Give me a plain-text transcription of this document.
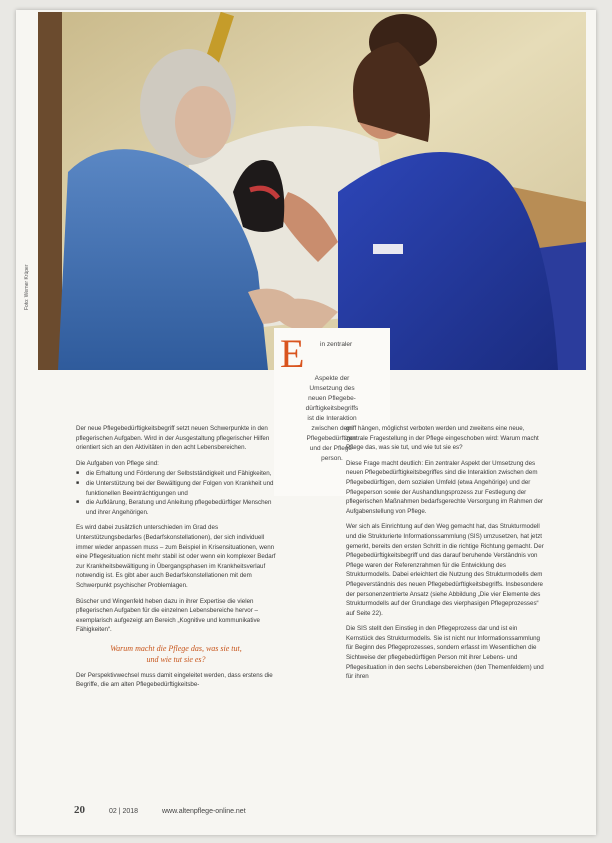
Foto: Werner Krüper
E in zentraler
Aspekte der
Umsetzung des
neuen Pflegebe-
dürftigkeitsbegriffs
ist die Interaktion
zwischen dem
Pflegebedürftigen
und der Pflege-
person.

Der neue Pflegebedürftigkeitsbegriff setzt neuen Schwerpunkte in den pflegerischen Aufgaben. Wird in der Ausgestaltung pflegerischer Hilfen orientiert sich an den Aktivitäten in den acht Lebensbereichen.

Die Aufgaben von Pflege sind:

■ die Erhaltung und Förderung der Selbstständigkeit und Fähigkeiten,
■ die Unterstützung bei der Bewältigung der Folgen von Krankheit und funktionellen Beeinträchtigungen und
■ die Aufklärung, Beratung und Anleitung pflegebedürftiger Menschen und ihrer Angehörigen.

Es wird dabei zusätzlich unterschieden im Grad des Unterstützungsbedarfes (Bedarfskonstellationen), der sich individuell immer wieder anpassen muss – zum Beispiel in Krisensituationen, wenn eine Pflegesituation nicht mehr stabil ist oder wenn ein komplexer Bedarf zur Krankheitsbewältigung in Übergangsphasen im Krankheitsverlauf notwendig ist. Es gibt aber auch Bedarfskonstellationen mit dem Schwerpunkt psychischer Problemlagen.

Büscher und Wingenfeld heben dazu in ihrer Expertise die vielen pflegerischen Aufgaben für die einzelnen Lebensbereiche hervor – exemplarisch aufgezeigt am Bereich „Kognitive und kommunikative Fähigkeiten“.

Warum macht die Pflege das, was sie tut,
und wie tut sie es?

Der Perspektivwechsel muss damit eingeleitet werden, dass erstens die Begriffe, die am alten Pflegebedürftigkeitsbe-

griff hängen, möglichst verboten werden und zweitens eine neue, zentrale Fragestellung in der Pflege eingeschoben wird: Warum macht Pflege das, was sie tut, und wie tut sie es?

Diese Frage macht deutlich: Ein zentraler Aspekt der Umsetzung des neuen Pflegebedürftigkeitsbegriffes sind die Interaktion zwischen dem Pflegebedürftigen, dem sozialen Umfeld (etwa Angehörige) und der Pflegeperson sowie der Aushandlungsprozess zur Festlegung der pflegerischen Maßnahmen bedarfsgerechte Versorgung im Rahmen der Aufgabenstellung von Pflege.

Wer sich als Einrichtung auf den Weg gemacht hat, das Strukturmodell und die Strukturierte Informationssammlung (SIS) umzusetzen, hat jetzt gemerkt, bereits den ersten Schritt in die richtige Richtung gemacht. Der Pflegebedürftigkeitsbegriff und das darauf beruhende Verständnis von Pflege waren der Referenzrahmen für die Entwicklung des Strukturmodells. Dabei erleichtert die Nutzung des Strukturmodells dem Pflegeverständnis des neuen Pflegebedürftigkeitsbegriffs. Insbesondere der personenzentrierte Ansatz (siehe Abbildung „Die vier Elemente des Strukturmodells auf der Grundlage des vierphasigen Pflegeprozesses“ auf Seite 22).

Die SIS stellt den Einstieg in den Pflegeprozess dar und ist ein Kernstück des Strukturmodells. Sie ist nicht nur Informationssammlung für Beginn des Pflegeprozesses, sondern erfasst im Wesentlichen die Sichtweise der pflegebedürftigen Person mit ihrer Lebens- und Pflegesituation in den sechs Lebensbereichen (den Themenfeldern) und für ihren

20	02 | 2018	www.altenpflege-online.net
